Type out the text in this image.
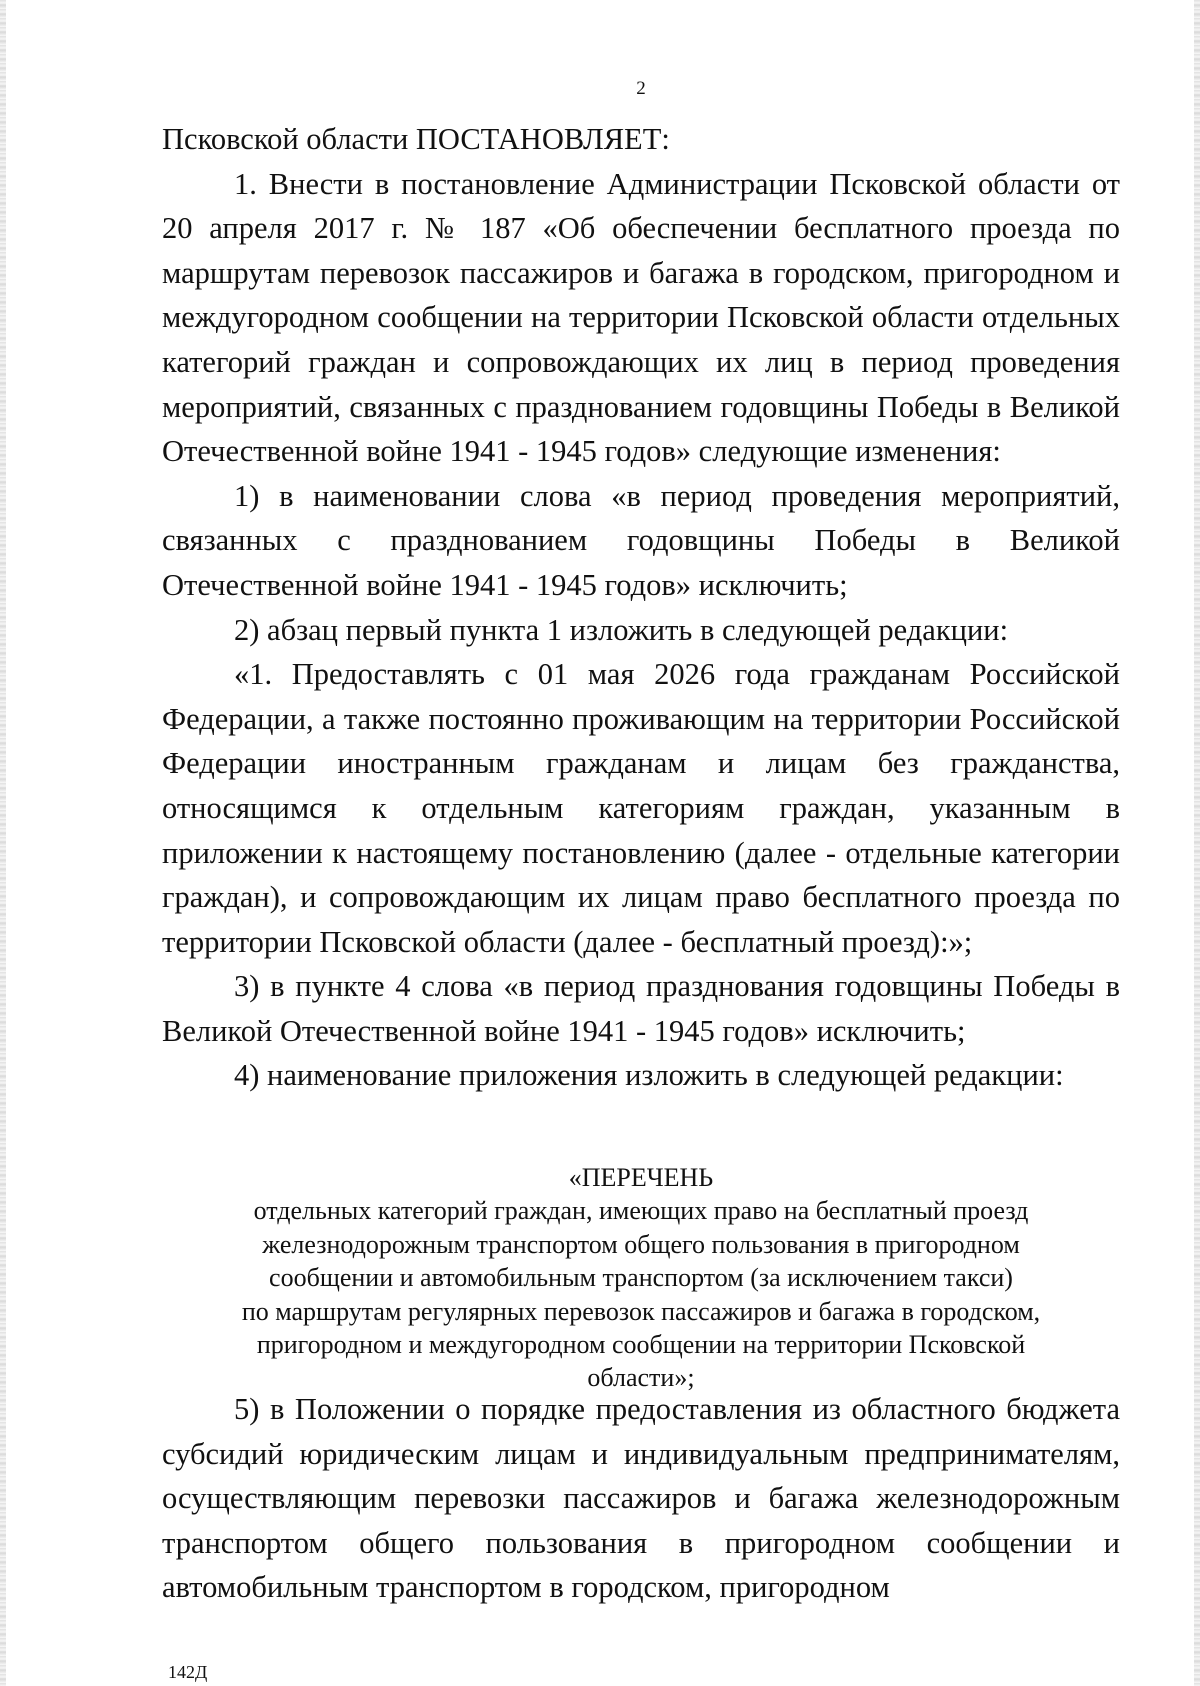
2

Псковской области ПОСТАНОВЛЯЕТ:

1. Внести в постановление Администрации Псковской области от 20 апреля 2017 г. № 187 «Об обеспечении бесплатного проезда по маршрутам перевозок пассажиров и багажа в городском, пригородном и междугородном сообщении на территории Псковской области отдельных категорий граждан и сопровождающих их лиц в период проведения мероприятий, связанных с празднованием годовщины Победы в Великой Отечественной войне 1941 - 1945 годов» следующие изменения:

1) в наименовании слова «в период проведения мероприятий, связанных с празднованием годовщины Победы в Великой Отечественной войне 1941 - 1945 годов» исключить;

2) абзац первый пункта 1 изложить в следующей редакции:

«1. Предоставлять с 01 мая 2026 года гражданам Российской Федерации, а также постоянно проживающим на территории Российской Федерации иностранным гражданам и лицам без гражданства, относящимся к отдельным категориям граждан, указанным в приложении к настоящему постановлению (далее - отдельные категории граждан), и сопровождающим их лицам право бесплатного проезда по территории Псковской области (далее - бесплатный проезд):»;

3) в пункте 4 слова «в период празднования годовщины Победы в Великой Отечественной войне 1941 - 1945 годов» исключить;

4) наименование приложения изложить в следующей редакции:

«ПЕРЕЧЕНЬ
отдельных категорий граждан, имеющих право на бесплатный проезд
железнодорожным транспортом общего пользования в пригородном
сообщении и автомобильным транспортом (за исключением такси)
по маршрутам регулярных перевозок пассажиров и багажа в городском,
пригородном и междугородном сообщении на территории Псковской
области»;

5) в Положении о порядке предоставления из областного бюджета субсидий юридическим лицам и индивидуальным предпринимателям, осуществляющим перевозки пассажиров и багажа железнодорожным транспортом общего пользования в пригородном сообщении и автомобильным транспортом в городском, пригородном

142Д
